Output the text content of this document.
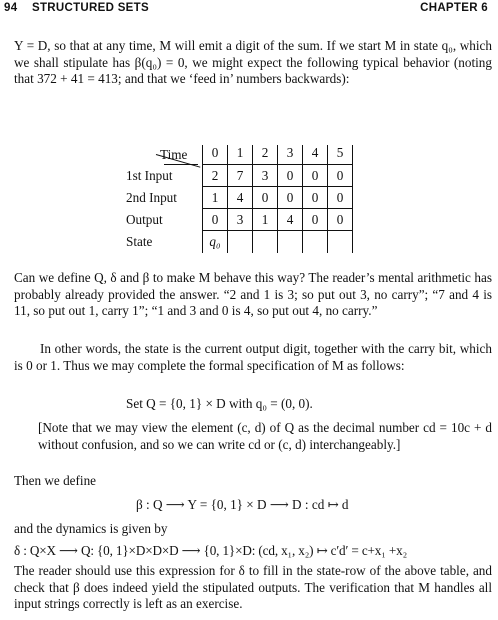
94 STRUCTURED SETS	CHAPTER 6
Y = D, so that at any time, M will emit a digit of the sum. If we start M in state q₀, which we shall stipulate has β(q₀) = 0, we might expect the following typical behavior (noting that 372 + 41 = 413; and that we ‘feed in’ numbers backwards):
Time	0	1	2	3	4	5
1st Input	2	7	3	0	0	0
2nd Input	1	4	0	0	0	0
Output	0	3	1	4	0	0
State	q₀
Can we define Q, δ and β to make M behave this way? The reader’s mental arithmetic has probably already provided the answer. “2 and 1 is 3; so put out 3, no carry”; “7 and 4 is 11, so put out 1, carry 1”; “1 and 3 and 0 is 4, so put out 4, no carry.”
In other words, the state is the current output digit, together with the carry bit, which is 0 or 1. Thus we may complete the formal specification of M as follows:
Set Q = {0, 1} × D with q₀ = (0, 0).
[Note that we may view the element (c, d) of Q as the decimal number cd = 10c + d without confusion, and so we can write cd or (c, d) interchangeably.]
Then we define
β : Q ⟶ Y = {0, 1} × D ⟶ D : cd ↦ d
and the dynamics is given by
δ : Q×X ⟶ Q: {0, 1}×D×D×D ⟶ {0, 1}×D: (cd, x₁, x₂) ↦ c′d′ = c+x₁ +x₂
The reader should use this expression for δ to fill in the state-row of the above table, and check that β does indeed yield the stipulated outputs. The verification that M handles all input strings correctly is left as an exercise.
